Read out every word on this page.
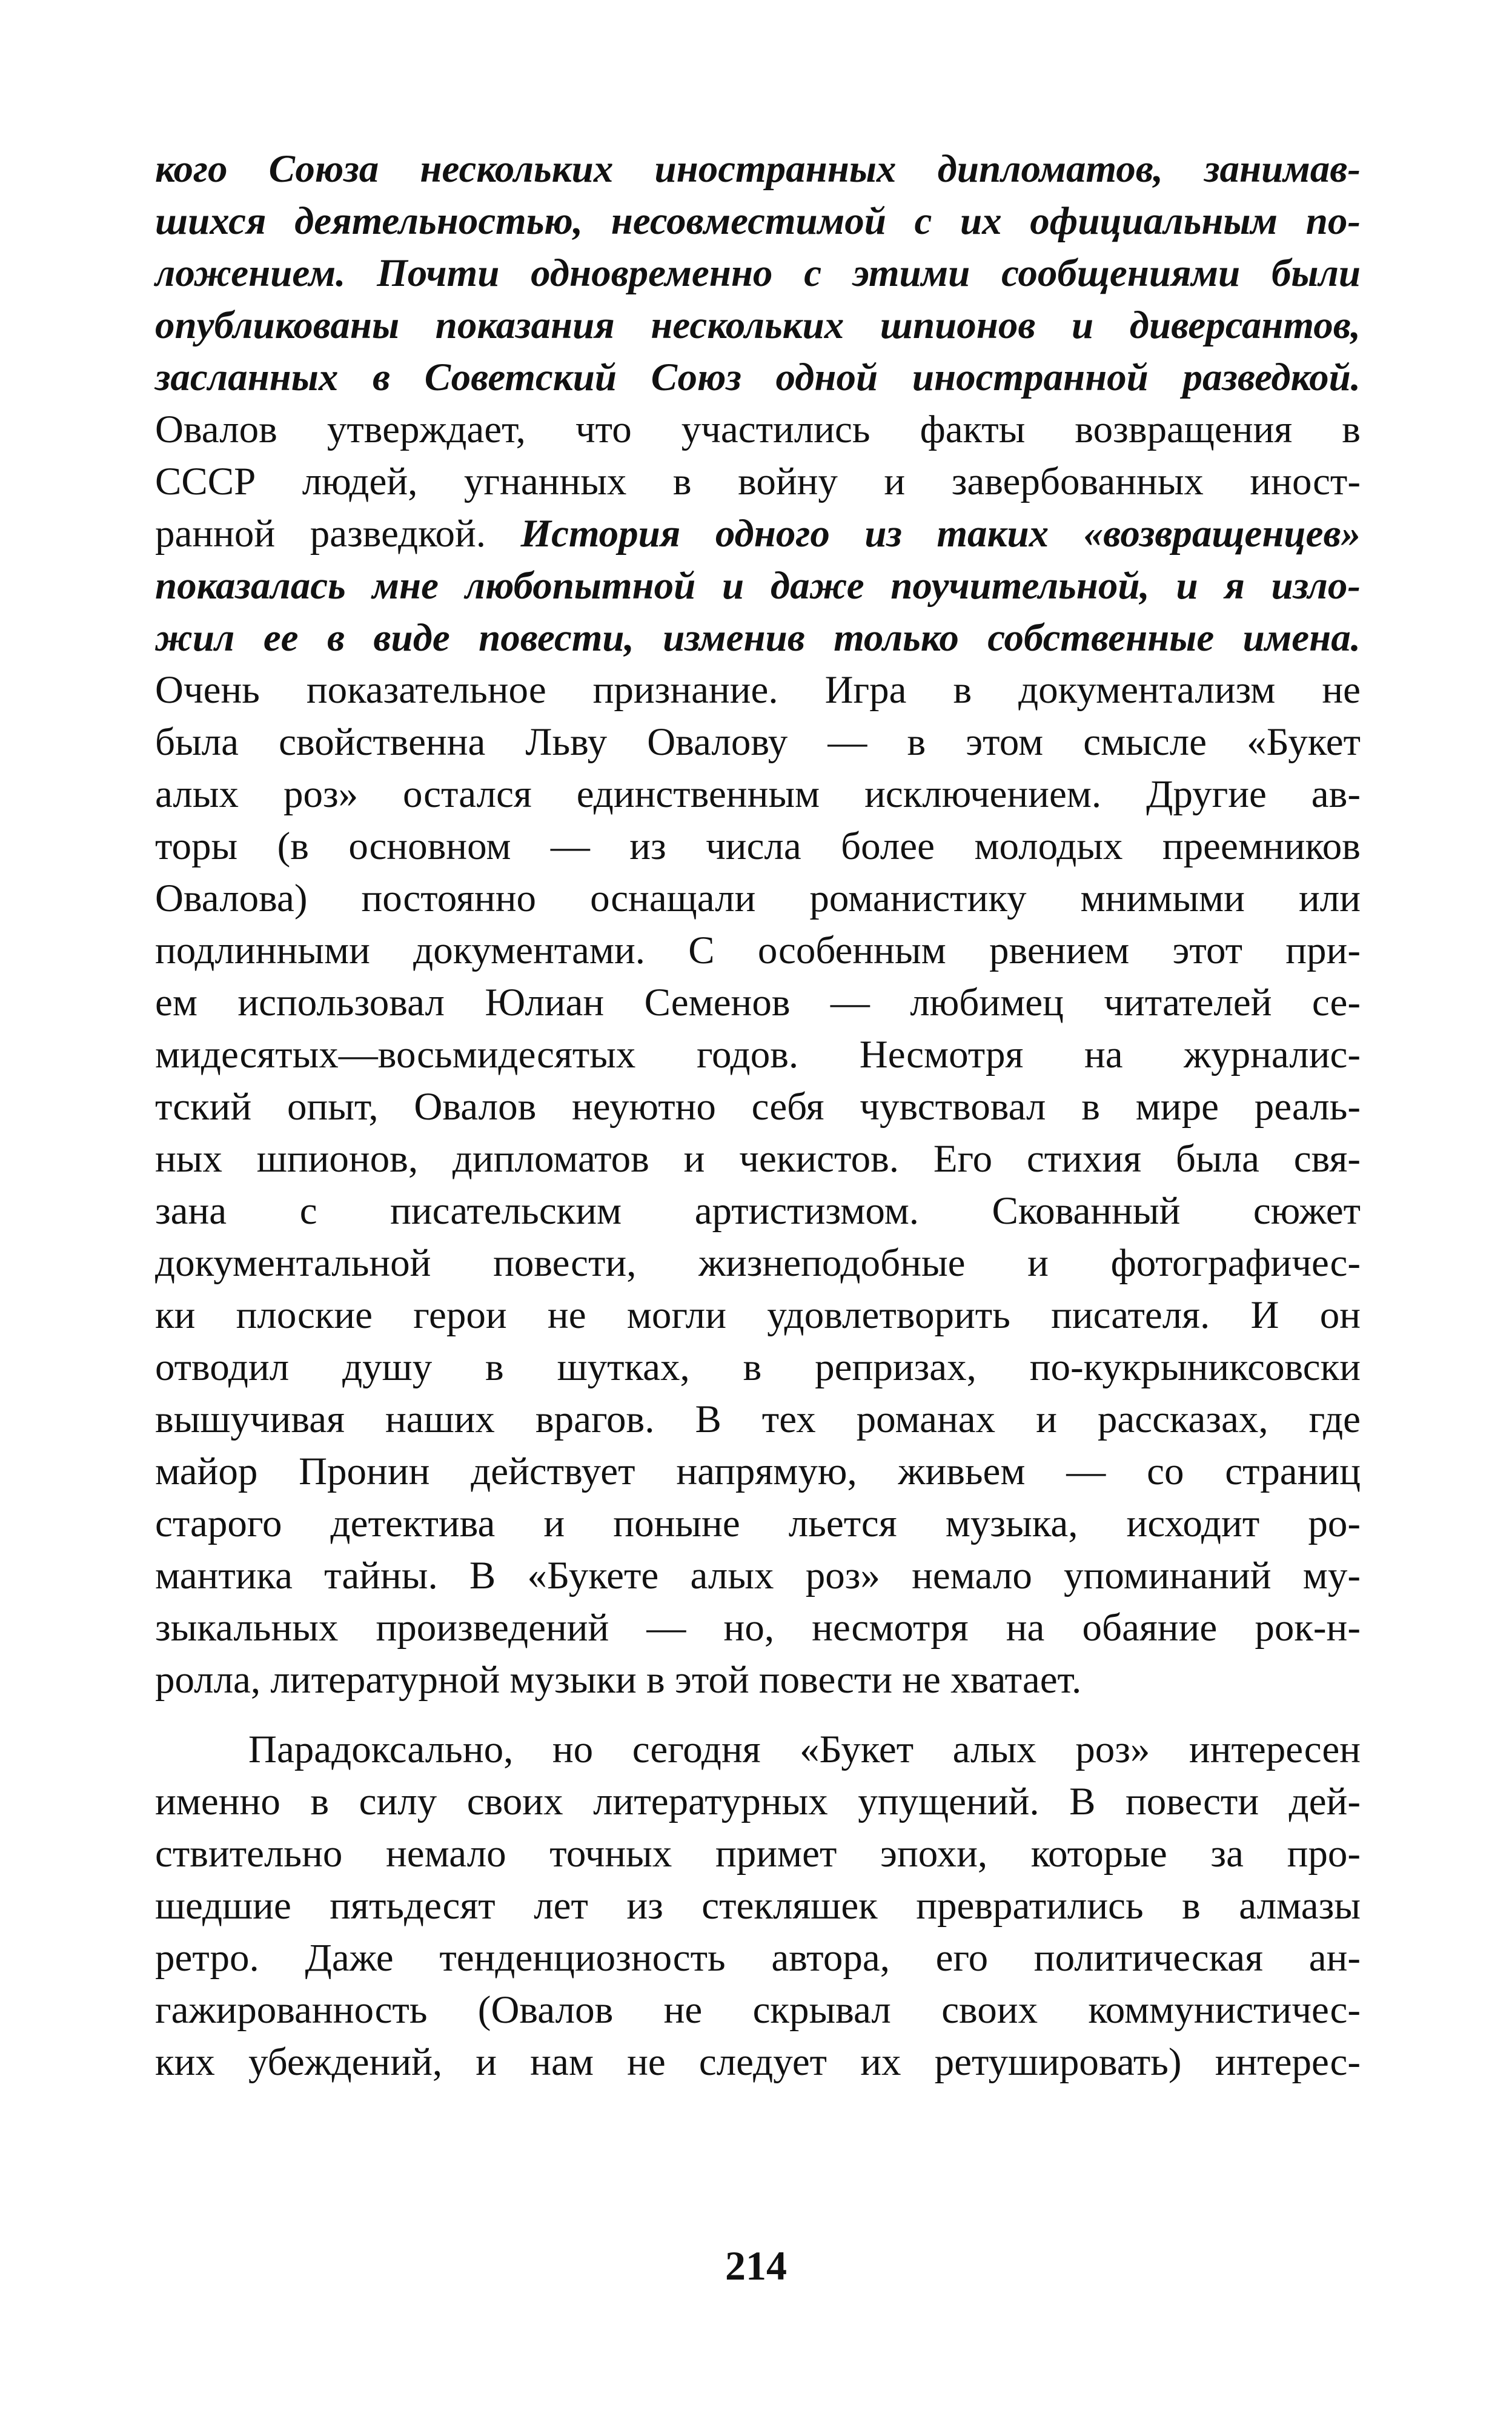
кого Союза нескольких иностранных дипломатов, занимав-
шихся деятельностью, несовместимой с их официальным по-
ложением. Почти одновременно с этими сообщениями были
опубликованы показания нескольких шпионов и диверсантов,
засланных в Советский Союз одной иностранной разведкой.
Овалов утверждает, что участились факты возвращения в
СССР людей, угнанных в войну и завербованных иност-
ранной разведкой. История одного из таких «возвращенцев»
показалась мне любопытной и даже поучительной, и я изло-
жил ее в виде повести, изменив только собственные имена.
Очень показательное признание. Игра в документализм не
была свойственна Льву Овалову — в этом смысле «Букет
алых роз» остался единственным исключением. Другие ав-
торы (в основном — из числа более молодых преемников
Овалова) постоянно оснащали романистику мнимыми или
подлинными документами. С особенным рвением этот при-
ем использовал Юлиан Семенов — любимец читателей се-
мидесятых—восьмидесятых годов. Несмотря на журналис-
тский опыт, Овалов неуютно себя чувствовал в мире реаль-
ных шпионов, дипломатов и чекистов. Его стихия была свя-
зана с писательским артистизмом. Скованный сюжет
документальной повести, жизнеподобные и фотографичес-
ки плоские герои не могли удовлетворить писателя. И он
отводил душу в шутках, в репризах, по-кукрыниксовски
вышучивая наших врагов. В тех романах и рассказах, где
майор Пронин действует напрямую, живьем — со страниц
старого детектива и поныне льется музыка, исходит ро-
мантика тайны. В «Букете алых роз» немало упоминаний му-
зыкальных произведений — но, несмотря на обаяние рок-н-
ролла, литературной музыки в этой повести не хватает.
Парадоксально, но сегодня «Букет алых роз» интересен
именно в силу своих литературных упущений. В повести дей-
ствительно немало точных примет эпохи, которые за про-
шедшие пятьдесят лет из стекляшек превратились в алмазы
ретро. Даже тенденциозность автора, его политическая ан-
гажированность (Овалов не скрывал своих коммунистичес-
ких убеждений, и нам не следует их ретушировать) интерес-
214
